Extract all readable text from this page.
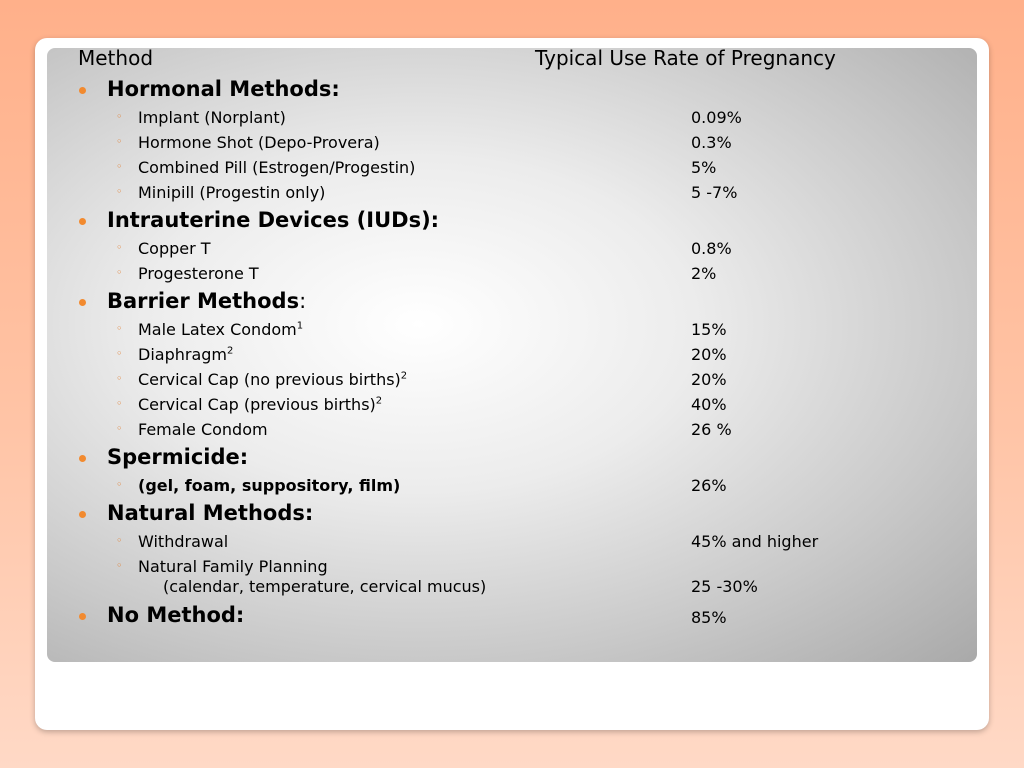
Method	Typical Use Rate of Pregnancy
Hormonal Methods:
◦ Implant (Norplant)	0.09%
◦ Hormone Shot (Depo-Provera)	0.3%
◦ Combined Pill (Estrogen/Progestin)	5%
◦ Minipill (Progestin only)	5 -7%
Intrauterine Devices (IUDs):
◦ Copper T	0.8%
◦ Progesterone T	2%
Barrier Methods:
◦ Male Latex Condom$^1$	15%
◦ Diaphragm$^2$	20%
◦ Cervical Cap (no previous births)$^2$	20%
◦ Cervical Cap (previous births)$^2$	40%
◦ Female Condom	26 %
Spermicide:
◦ (gel, foam, suppository, film)	26%
Natural Methods:
◦ Withdrawal	45% and higher
◦ Natural Family Planning
(calendar, temperature, cervical mucus)	25 -30%
No Method:	85%
